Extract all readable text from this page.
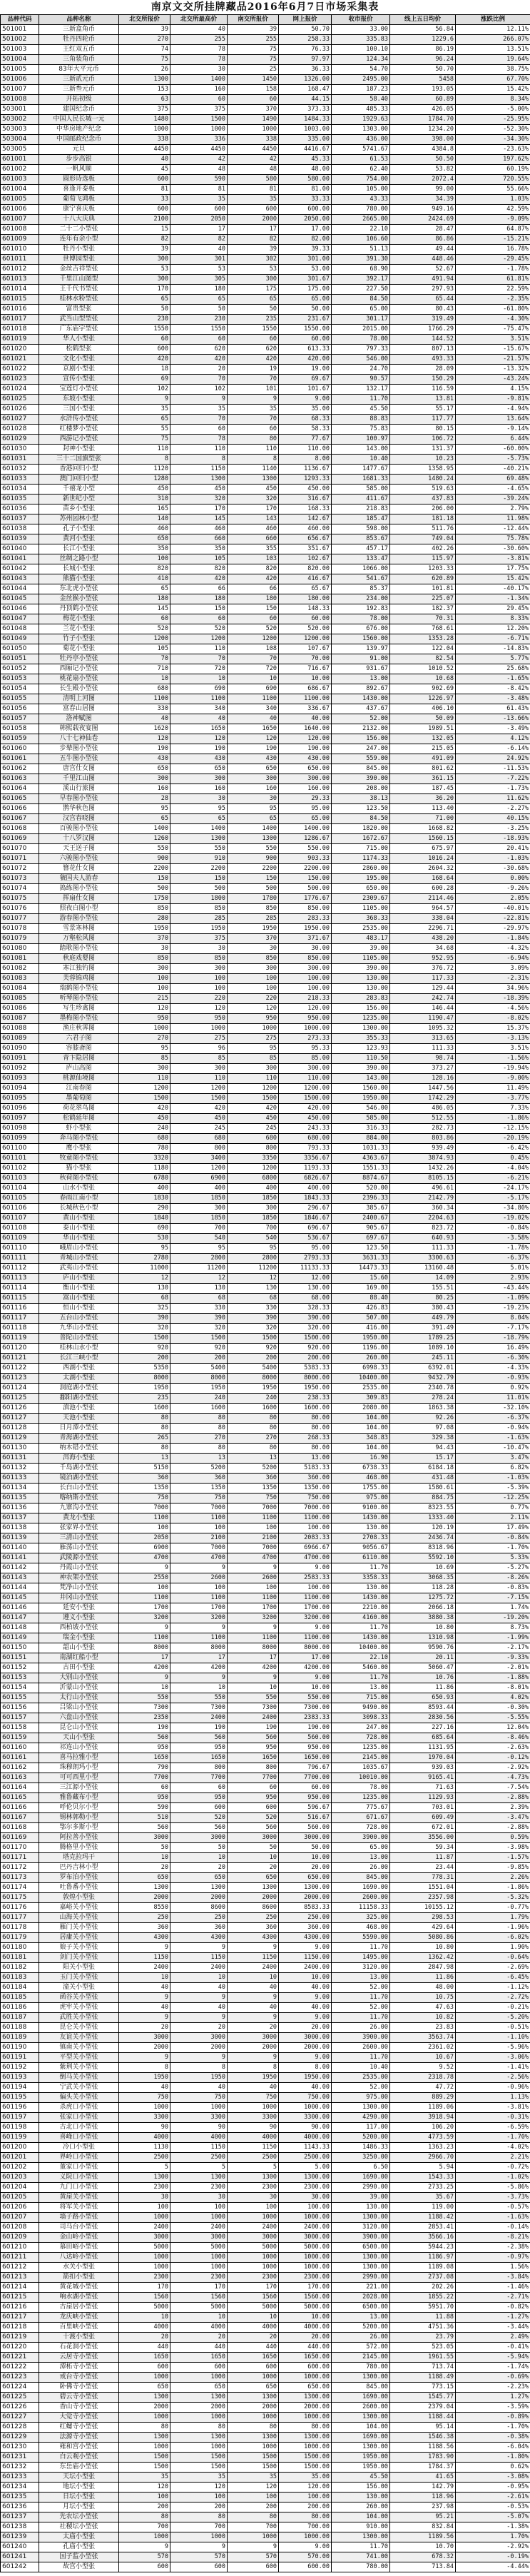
南京文交所挂牌藏品2016年6月7日市场采集表
品种代码	品种名称	北交所报价	北交所最高价	南交所报价	网上报价	收市报价	线上五日均价	涨跌比例
501001	三新盒角币	39	40	39	50.70	33.00	56.84	12.11%
501002	牡丹四轮币	270	255	255	258.33	335.83	1229.6	266.07%
501003	王红双五币	74	78	75	76.33	100.10	86.19	13.51%
501004	三角装角币	75	78	75	97.97	124.34	96.24	19.64%
501005	83年大平元币	26	30	25	36.33	54.70	50.70	38.75%
501006	三新贰元币	1300	1400	1450	1326.00	2495.00	5458	67.70%
501007	三新叁元币	153	160	158	168.47	187.23	193.05	15.42%
501008	开拓初级	63	60	60	44.15	58.40	60.89	8.34%
503001	建国纪念币	375	375	370	373.33	485.33	426.05	-5.00%
503002	中国人民长城一元	1480	1500	1490	1484.33	1929.63	1784.70	-25.95%
503003	中华房地产纪念	1000	1000	1000	1003.00	1303.00	1234.20	-52.30%
503004	中国邮政纪念币	338	336	338	335.00	436.00	398.00	-34.30%
503005	元旦	4450	4450	4450	4416.67	5741.67	4384.8	-23.63%
601001	步步高银	40	42	42	45.33	61.53	50.50	197.62%
601002	一帆风顺	45	48	48	48.00	62.40	53.82	60.19%
601003	圆形诗选板	600	590	580	580.00	754.00	2072.4	720.55%
601004	喜逢开泰板	81	81	81	81.00	105.00	99.00	55.66%
601005	葡萄飞鸿板	33	35	35	33.33	43.33	34.39	1.03%
601006	康宁喜庆板	600	600	600	600.00	780.00	949.16	42.59%
601007	十八大庆典	2100	2050	2000	2050.00	2665.00	2424.69	-9.09%
601008	二十二小型张	15	17	17	17.00	22.10	28.47	64.87%
601009	连年有余小型	82	82	82	82.00	106.60	86.86	-15.21%
601010	牡丹小型张	39	40	39	39.33	51.13	49.44	16.78%
601011	世博园型张	300	301	302	301.00	391.30	448.46	-29.45%
601012	金丝吉祥型张	53	53	53	53.00	68.90	52.67	-1.78%
601013	千里江山图型	300	305	300	301.67	392.17	491.94	61.81%
601014	王千代书型张	170	180	175	175.00	227.50	297.93	22.59%
601015	桂林水粉型张	65	65	65	65.00	84.50	65.44	-2.35%
601016	富贵型张	50	50	50	50.00	65.00	80.43	-61.80%
601017	武当山型型张	230	230	235	231.67	301.17	319.49	-4.30%
601018	广东庙宇型张	1550	1550	1550	1550.00	2015.00	1766.29	-75.47%
601019	华人小型张	60	60	60	60.00	78.00	144.52	3.51%
601020	松鹤型张	600	620	620	613.33	797.33	807.13	-15.67%
601021	文化小型张	420	420	420	420.00	546.00	493.33	-21.57%
601022	京剧小型张	18	20	19	19.00	24.70	28.09	-13.32%
601023	宣传小型张	69	70	70	69.67	90.57	150.29	-43.24%
601024	宝莲灯小型张	102	102	101	101.67	132.17	116.59	4.15%
601025	东坡小型张	9	9	9	9.00	11.70	13.81	-9.81%
601026	三国小型张	35	35	35	35.00	45.50	55.17	-4.94%
601027	水浒传小型张	65	70	70	68.33	88.83	117.77	13.64%
601028	红楼梦小型张	55	60	60	58.33	75.83	80.15	-9.14%
601029	西游记小型张	75	78	80	77.67	100.97	106.72	6.44%
601030	封神小型张	110	110	110	110.00	143.00	131.37	-60.00%
601031	三十二国旗型张	8	8	8	8.00	10.40	10.23	-5.73%
601032	香港回归小型	1120	1150	1140	1136.67	1477.67	1358.95	-40.21%
601033	澳门回归小型	1280	1300	1300	1293.33	1681.33	1480.24	69.48%
601034	千禧龙小型	450	450	450	450.00	585.00	519.63	-4.65%
601035	新世纪小型	310	320	320	316.67	411.67	437.83	-39.24%
601036	苗乡小型张	165	170	170	168.33	218.83	206.00	2.79%
601037	苏州园林小型	140	145	143	142.67	185.47	181.18	11.98%
601038	孔子小型张	460	460	460	460.00	598.00	511.76	-12.44%
601039	黄河小型张	650	660	660	656.67	853.67	749.04	75.78%
601040	长江小型张	350	350	355	351.67	457.17	402.26	-30.60%
601041	丝绸之路小型	100	105	103	102.67	133.47	115.97	-3.81%
601042	长城小型张	820	820	820	820.00	1066.00	1203.33	17.75%
601043	熊猫小型张	410	420	420	416.67	541.67	620.89	15.42%
601044	东北虎小型张	65	66	66	65.67	85.37	101.81	-40.17%
601045	金丝猴小型张	180	180	180	180.00	234.00	225.07	-1.34%
601046	丹顶鹤小型张	145	150	150	148.33	192.83	182.37	29.45%
601047	梅花小型张	60	60	60	60.00	78.00	70.31	8.33%
601048	兰花小型张	520	520	520	520.00	676.00	768.61	12.20%
601049	竹子小型张	1200	1200	1200	1200.00	1560.00	1353.28	-6.71%
601050	菊花小型张	105	110	108	107.67	139.97	122.04	-14.83%
601051	牡丹亭小型张	70	70	70	70.00	91.00	82.54	5.77%
601052	西厢记小型张	710	720	720	716.67	931.67	1010.52	25.68%
601053	桃花扇小型张	10	10	10	10.00	13.00	10.68	-1.65%
601054	长生殿小型张	680	690	690	686.67	892.67	902.69	-8.42%
601055	清明上河图	1100	1100	1100	1100.00	1430.00	1226.97	-3.48%
601056	富春山居图	330	340	340	336.67	437.67	406.10	61.43%
601057	洛神赋图	40	40	40	40.00	52.00	50.09	-13.66%
601058	韩熙载夜宴图	1620	1650	1650	1640.00	2132.00	1989.51	-3.49%
601059	八十七神仙卷	120	120	120	120.00	156.00	132.05	4.12%
601060	步辇图小型张	190	190	190	190.00	247.00	215.05	-6.14%
601061	五牛图小型张	430	430	430	430.00	559.00	491.09	24.92%
601062	唐宫仕女图	650	650	650	650.00	845.00	801.62	-11.53%
601063	千里江山图	300	300	300	300.00	390.00	361.15	-7.22%
601064	溪山行旅图	160	160	160	160.00	208.00	187.45	-1.73%
601065	早春图小型张	28	30	30	29.33	38.13	36.20	11.62%
601066	鹊华秋色图	95	95	95	95.00	123.50	113.40	-2.27%
601067	汉宫春晓图	65	65	65	65.00	84.50	71.00	40.15%
601068	百骏图小型张	1400	1400	1400	1400.00	1820.00	1668.82	-3.25%
601069	十八罗汉图	1260	1300	1300	1286.67	1672.67	1560.15	-18.93%
601070	天王送子图	550	550	550	550.00	715.00	675.97	20.41%
601071	六骏图小型张	900	910	900	903.33	1174.33	1016.24	-1.03%
601072	簪花仕女图	2200	2200	2200	2200.00	2860.00	2604.32	-30.68%
601073	虢国夫人游春	150	150	150	150.00	195.00	168.64	0.00%
601074	捣练图小型张	500	500	500	500.00	650.00	600.28	-9.26%
601075	挥扇仕女图	1750	1800	1780	1776.67	2309.67	2114.46	2.05%
601076	照夜白图小型	850	850	850	850.00	1105.00	964.57	-40.01%
601077	游春图小型张	280	285	285	283.33	368.33	338.04	-22.81%
601078	雪景寒林图	1950	1950	1950	1950.00	2535.00	2296.71	-29.97%
601079	万壑松风图	370	375	370	371.67	483.17	438.20	-1.84%
601080	踏歌图小型张	30	30	30	30.00	39.00	34.68	-4.32%
601081	秋庭戏婴图	850	850	850	850.00	1105.00	952.95	-6.94%
601082	寒江独钓图	300	300	300	300.00	390.00	376.72	3.09%
601083	芙蓉锦鸡图	100	100	100	100.00	130.00	117.33	-2.31%
601084	瑞鹤图小型张	100	100	100	100.00	130.00	129.44	34.96%
601085	听琴图小型张	215	220	220	218.33	283.83	242.74	-18.39%
601086	写生珍禽图	120	120	120	120.00	156.00	146.44	-4.56%
601087	墨梅图小型张	950	950	950	950.00	1235.00	1190.47	-8.02%
601088	渔庄秋霁图	1000	1000	1000	1000.00	1300.00	1095.32	15.37%
601089	六君子图	270	275	275	273.33	355.33	313.65	-3.13%
601090	容膝斋图	95	96	95	95.33	123.93	111.33	3.51%
601091	青卞隐居图	85	85	85	85.00	110.50	98.74	-1.56%
601092	庐山高图	300	300	300	300.00	390.00	373.27	-19.94%
601093	桃源仙境图	110	110	110	110.00	143.00	128.16	-9.00%
601094	江南春图	1200	1200	1200	1200.00	1560.00	1447.56	11.49%
601095	墨葡萄图	1500	1500	1500	1500.00	1950.00	1742.29	-3.77%
601096	荷花翠鸟图	420	420	420	420.00	546.00	486.05	7.33%
601097	松鹤延年图	450	450	450	450.00	585.00	512.55	-1.86%
601098	虾小型张	240	245	245	243.33	316.33	282.73	-12.15%
601099	奔马图小型张	680	680	680	680.00	884.00	803.86	-20.19%
601100	鹰小型张	780	800	800	793.33	1031.33	939.49	-6.42%
601101	牧童图小型张	3320	3400	3350	3356.67	4363.67	3874.93	0.45%
601102	猫小型张	1180	1200	1200	1193.33	1551.33	1432.26	-4.04%
601103	秋荷图小型张	6780	6900	6800	6826.67	8874.67	8105.15	-6.21%
601104	山水小型张	400	400	400	400.00	520.00	496.61	-24.17%
601105	春雨江南小型	1830	1850	1850	1843.33	2396.33	2142.79	-5.17%
601106	长城秋色小型	290	300	300	296.67	385.67	360.34	-34.80%
601107	黄山小型张	1840	1850	1850	1846.67	2400.67	2204.63	-19.02%
601108	泰山小型张	690	700	700	696.67	905.67	823.72	-0.84%
601109	华山小型张	530	540	540	536.67	697.67	640.93	-3.58%
601110	峨眉山小型张	95	95	95	95.00	123.50	111.33	-1.78%
601111	青城山小型张	2780	2800	2800	2793.33	3631.33	3300.63	-6.37%
601112	武夷山小型张	11000	11200	11200	11133.33	14473.33	13160.48	5.01%
601113	庐山小型张	12	12	12	12.00	15.60	14.09	2.93%
601114	衡山小型张	130	130	130	130.00	169.00	155.51	-43.44%
601115	嵩山小型张	68	68	68	68.00	88.40	80.25	-1.09%
601116	恒山小型张	325	330	330	328.33	426.83	380.43	-19.23%
601117	五台山小型张	390	390	390	390.00	507.00	449.79	8.04%
601118	九华山小型张	320	320	320	320.00	416.00	391.49	-7.17%
601119	普陀山小型张	1500	1500	1500	1500.00	1950.00	1789.25	-18.79%
601120	桂林山水小型	920	920	920	920.00	1196.00	1089.10	16.49%
601121	长江三峡小型	200	200	200	200.00	260.00	245.11	-6.30%
601122	西湖小型张	5350	5400	5400	5383.33	6998.33	6392.01	-4.33%
601123	太湖小型张	8000	8000	8000	8000.00	10400.00	9432.79	-0.93%
601124	洞庭湖小型张	1950	1950	1950	1950.00	2535.00	2340.78	0.92%
601125	鄱阳湖小型张	235	240	240	238.33	309.83	278.24	11.01%
601126	滇池小型张	1600	1600	1600	1600.00	2080.00	1863.38	-32.10%
601127	天池小型张	80	80	80	80.00	104.00	92.26	-6.37%
601128	日月潭小型张	80	80	80	80.00	104.00	97.08	-0.94%
601129	青海湖小型张	265	270	270	268.33	348.83	329.38	-1.63%
601130	纳木错小型张	80	80	80	80.00	104.00	94.43	-10.47%
601131	洱海小型张	13	13	13	13.00	16.90	15.17	3.47%
601132	千岛湖小型张	5150	5200	5200	5183.33	6738.33	6184.18	6.82%
601133	镜泊湖小型张	360	360	360	360.00	468.00	431.48	-1.03%
601134	长白山小型张	1350	1350	1350	1350.00	1755.00	1580.61	-5.39%
601135	喀纳斯小型张	750	750	750	750.00	975.00	884.75	-12.25%
601136	九寨沟小型张	7000	7000	7000	7000.00	9100.00	8323.55	0.77%
601137	黄龙小型张	1100	1100	1100	1100.00	1430.00	1333.40	2.11%
601138	张家界小型张	100	100	100	100.00	130.00	120.19	17.49%
601139	三清山小型张	2050	2100	2100	2083.33	2708.33	2436.74	-0.84%
601140	雁荡山小型张	6900	7000	7000	6966.67	9056.67	8318.96	-1.70%
601141	武陵源小型张	4700	4700	4700	4700.00	6110.00	5592.10	5.33%
601142	丹霞山小型张	9	9	9	9.00	11.70	10.69	-5.27%
601143	神农架小型张	2550	2600	2600	2583.33	3358.33	3068.35	-8.26%
601144	梵净山小型张	100	100	100	100.00	130.00	118.28	-0.83%
601145	井冈山小型张	1100	1100	1100	1100.00	1430.00	1275.72	-7.15%
601146	延安小型张	1700	1700	1700	1700.00	2210.00	2066.18	1.74%
601147	遵义小型张	3200	3200	3200	3200.00	4160.00	3880.38	-19.20%
601148	西柏坡小型张	9	9	9	9.00	11.70	10.80	8.73%
601149	瑞金小型张	1100	1100	1100	1100.00	1430.00	1310.98	-1.99%
601150	韶山小型张	8000	8000	8000	8000.00	10400.00	9590.76	-2.17%
601151	南湖红船小型	17	17	17	17.00	22.10	20.11	-9.33%
601152	古田小型张	4200	4200	4200	4200.00	5460.00	5060.47	-2.01%
601153	大别山小型张	9	9	9	9.00	11.70	10.76	-1.88%
601154	沂蒙山小型张	10	10	10	10.00	13.00	11.86	-8.01%
601155	太行山小型张	550	550	550	550.00	715.00	650.93	4.02%
601156	吕梁山小型张	7300	7300	7300	7300.00	9490.00	8593.44	-0.30%
601157	六盘山小型张	2350	2400	2400	2383.33	3098.33	2830.56	-5.55%
601158	昆仑山小型张	190	190	190	190.00	247.00	227.16	12.04%
601159	天山小型张	560	560	560	560.00	728.00	685.64	-8.46%
601160	祁连山小型张	950	950	950	950.00	1235.00	1131.95	-2.63%
601161	喜马拉雅小型	1650	1650	1650	1650.00	2145.00	1970.04	-0.12%
601162	珠穆朗玛小型	790	800	800	796.67	1035.67	939.03	-2.92%
601163	可可西里小型	7700	7700	7700	7700.00	10010.00	9165.41	-4.73%
601164	三江源小型张	60	60	60	60.00	78.00	71.63	-7.54%
601165	雅鲁藏布小型	950	950	950	950.00	1235.00	1129.93	-2.88%
601166	呼伦贝尔小型	590	600	600	596.67	775.67	703.01	2.39%
601167	锡林郭勒小型	510	520	520	516.67	671.67	609.49	-3.47%
601168	鄂尔多斯小型	560	560	560	560.00	728.00	672.01	-2.88%
601169	阿拉善小型张	3000	3000	3000	3000.00	3900.00	3556.00	0.59%
601170	腾格里小型张	50	50	50	50.00	65.00	59.34	-3.98%
601171	塔克拉玛干	10	10	10	10.00	13.00	11.87	-1.57%
601172	巴丹吉林小型	20	20	20	20.00	26.00	23.44	-9.85%
601173	罗布泊小型张	650	650	650	650.00	845.00	778.31	2.26%
601174	吐鲁番小型张	1300	1300	1300	1300.00	1690.00	1551.04	-1.86%
601175	敦煌小型张	2000	2000	2000	2000.00	2600.00	2357.98	-5.32%
601176	嘉峪关小型张	8550	8600	8600	8583.33	11158.33	10155.12	-0.77%
601177	山海关小型张	250	250	250	250.00	325.00	298.53	1.79%
601178	雁门关小型张	360	360	360	360.00	468.00	429.64	-1.96%
601179	居庸关小型张	4300	4300	4300	4300.00	5590.00	5080.86	-6.02%
601180	娘子关小型张	9	9	9	9.00	11.70	10.80	1.90%
601181	剑门关小型张	1150	1150	1150	1150.00	1495.00	1362.42	-0.64%
601182	阳关小型张	2400	2400	2400	2400.00	3120.00	2847.98	-2.69%
601183	玉门关小型张	10	10	10	10.00	13.00	11.86	-6.45%
601184	潼关小型张	40	40	40	40.00	52.00	48.00	-1.12%
601185	函谷关小型张	9	9	9	9.00	11.70	10.75	-2.72%
601186	虎牢关小型张	40	40	40	40.00	52.00	47.63	-0.21%
601187	武胜关小型张	9	9	9	9.00	11.70	10.82	-5.20%
601188	昆仑关小型张	20	20	20	20.00	26.00	23.83	-0.51%
601189	友谊关小型张	3000	3000	3000	3000.00	3900.00	3563.74	-1.10%
601190	镇南关小型张	2000	2000	2000	2000.00	2600.00	2361.02	-5.96%
601191	平型关小型张	9	9	9	9.00	11.70	10.67	-3.06%
601192	紫荆关小型张	8	8	8	8.00	10.40	9.52	-1.41%
601193	倒马关小型张	1950	1950	1950	1950.00	2535.00	2318.78	-2.56%
601194	宁武关小型张	40	40	40	40.00	52.00	47.72	-0.96%
601195	偏头关小型张	750	750	750	750.00	975.00	889.29	1.13%
601196	杀虎口小型张	1000	1000	1000	1000.00	1300.00	1189.06	-3.81%
601197	张家口小型张	3300	3300	3300	3300.00	4290.00	3918.94	-0.31%
601198	古北口小型张	90	90	90	90.00	117.00	106.20	-6.59%
601199	喜峰口小型张	4000	4000	4000	4000.00	5200.00	4773.59	-1.70%
601200	冷口小型张	1130	1150	1150	1143.33	1486.33	1363.23	-4.02%
601201	界岭口小型张	2500	2500	2500	2500.00	3250.00	2966.70	2.21%
601202	董家口小型张	5	5	5	5.00	6.50	5.94	-0.72%
601203	义院口小型张	1300	1300	1300	1300.00	1690.00	1543.33	-1.02%
601204	九门口小型张	2300	2300	2300	2300.00	2990.00	2733.25	-5.86%
601205	黄崖关小型张	30	30	30	30.00	39.00	35.67	-3.73%
601206	将军关小型张	100	100	100	100.00	130.00	119.00	-0.57%
601207	墙子路小型张	1000	1000	1000	1000.00	1300.00	1188.42	-1.63%
601208	司马台小型张	2400	2400	2400	2400.00	3120.00	2853.41	-0.14%
601209	金山岭小型张	3000	3000	3000	3000.00	3900.00	3566.16	-8.21%
601210	慕田峪小型张	5000	5000	5000	5000.00	6500.00	5944.23	-2.38%
601211	八达岭小型张	1000	1000	1000	1000.00	1300.00	1186.97	-0.97%
601212	水关小型张	1000	1000	1000	1000.00	1300.00	1189.08	1.56%
601213	箭扣小型张	2300	2300	2300	2300.00	2990.00	2737.08	-3.84%
601214	黄花城小型张	170	170	170	170.00	221.00	202.26	-1.46%
601215	响水湖小型张	1560	1560	1560	1560.00	2028.00	1855.22	-2.71%
601216	古崖居小型张	5000	5000	5000	5000.00	6500.00	5951.70	-0.82%
601217	龙庆峡小型张	10	10	10	10.00	13.00	11.88	-1.27%
601218	百里峡小型张	4000	4000	4000	4000.00	5200.00	4751.36	-3.44%
601219	十渡小型张	20	20	20	20.00	26.00	23.79	2.49%
601220	石花洞小型张	440	440	440	440.00	572.00	523.05	-0.41%
601221	云居寺小型张	1650	1650	1650	1650.00	2145.00	1961.55	-5.94%
601222	潭柘寺小型张	600	600	600	600.00	780.00	713.74	-1.74%
601223	戒台寺小型张	1000	1000	1000	1000.00	1300.00	1188.49	-0.69%
601224	卧佛寺小型张	650	650	650	650.00	845.00	773.15	-2.23%
601225	碧云寺小型张	1300	1300	1300	1300.00	1690.00	1545.77	1.27%
601226	香山寺小型张	2000	2000	2000	2000.00	2600.00	2379.04	-3.59%
601227	大觉寺小型张	1000	1000	1000	1000.00	1300.00	1188.44	-0.89%
601228	红螺寺小型张	80	80	80	80.00	104.00	95.14	-1.70%
601229	法源寺小型张	1300	1300	1300	1300.00	1690.00	1546.38	-0.38%
601230	雍和宫小型张	1000	1000	1000	1000.00	1300.00	1188.56	-6.04%
601231	白云观小型张	1500	1500	1500	1500.00	1950.00	1783.90	-1.80%
601232	东岳庙小型张	1500	1500	1500	1500.00	1950.00	1784.37	0.62%
601233	天坛小型张	35	35	35	35.00	45.50	41.65	-3.08%
601234	地坛小型张	120	120	120	120.00	156.00	142.79	-0.95%
601235	日坛小型张	100	100	100	100.00	130.00	118.96	-2.61%
601236	月坛小型张	200	200	200	200.00	260.00	237.98	-0.53%
601237	先农坛小型张	80	80	80	80.00	104.00	95.21	-5.07%
601238	社稷坛小型张	700	700	700	700.00	910.00	832.84	-1.38%
601239	太庙小型张	1000	1000	1000	1000.00	1300.00	1189.56	1.70%
601240	孔庙小型张	9	9	9	9.00	11.70	10.70	-2.92%
601241	国子监小型张	570	570	570	570.00	741.00	678.32	-0.19%
601242	故宫小型张	600	600	600	600.00	780.00	713.84	-4.44%
